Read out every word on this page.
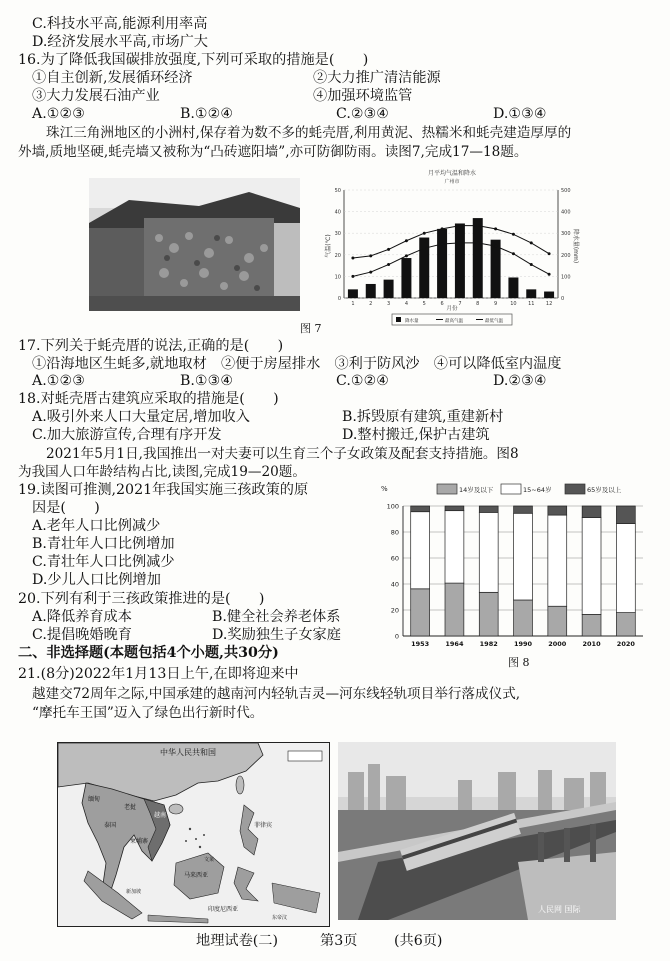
C.科技水平高,能源利用率高
D.经济发展水平高,市场广大
16.为了降低我国碳排放强度,下列可采取的措施是(　　)
①自主创新,发展循环经济	②大力推广清洁能源
③大力发展石油产业	④加强环境监管
A.①②③	B.①②④	C.②③④	D.①③④
珠江三角洲地区的小洲村,保存着为数不多的蚝壳厝,利用黄泥、热糯米和蚝壳建造厚厚的
外墙,质地坚硬,蚝壳墙又被称为“凸砖遮阳墙”,亦可防御防雨。读图7,完成17—18题。
月平均气温和降水
广州市
月份
气温(℃)	降水量(mm)
0
10
20
30
40
50
0
100
200
300
400
500
1	2	3	4	5	6	7	8	9	10 11 12
降水量	最高气温	最低气温
图 7
17.下列关于蚝壳厝的说法,正确的是(　　)
①沿海地区生蚝多,就地取材　②便于房屋排水　③利于防风沙　④可以降低室内温度
A.①②③	B.①③④	C.①②④	D.②③④
18.对蚝壳厝古建筑应采取的措施是(　　)
A.吸引外来人口大量定居,增加收入	B.拆毁原有建筑,重建新村
C.加大旅游宣传,合理有序开发	D.整村搬迁,保护古建筑
2021年5月1日,我国推出一对夫妻可以生育三个子女政策及配套支持措施。图8
为我国人口年龄结构占比,读图,完成19—20题。
19.读图可推测,2021年我国实施三孩政策的原
因是(　　)
A.老年人口比例减少
B.青壮年人口比例增加
C.青壮年人口比例减少
D.少儿人口比例增加
20.下列有利于三孩政策推进的是(　　)
A.降低养育成本	B.健全社会养老体系
C.提倡晚婚晚育	D.奖励独生子女家庭
%	14岁及以下	15~64岁	65岁及以上
0
20
40
60
80
100
1953 1964 1982 1990 2000 2010 2020
图 8
二、非选择题(本题包括4个小题,共30分)
21.(8分)2022年1月13日上午,在即将迎来中
越建交72周年之际,中国承建的越南河内轻轨吉灵—河东线轻轨项目举行落成仪式,
“摩托车王国”迈入了绿色出行新时代。
中华人民共和国
越南
老挝
泰国
柬埔寨
缅甸
菲律宾
马来西亚
新加坡
印度尼西亚
文莱
东帝汶
人民网 国际
地理试卷(二)	第3页	(共6页)
